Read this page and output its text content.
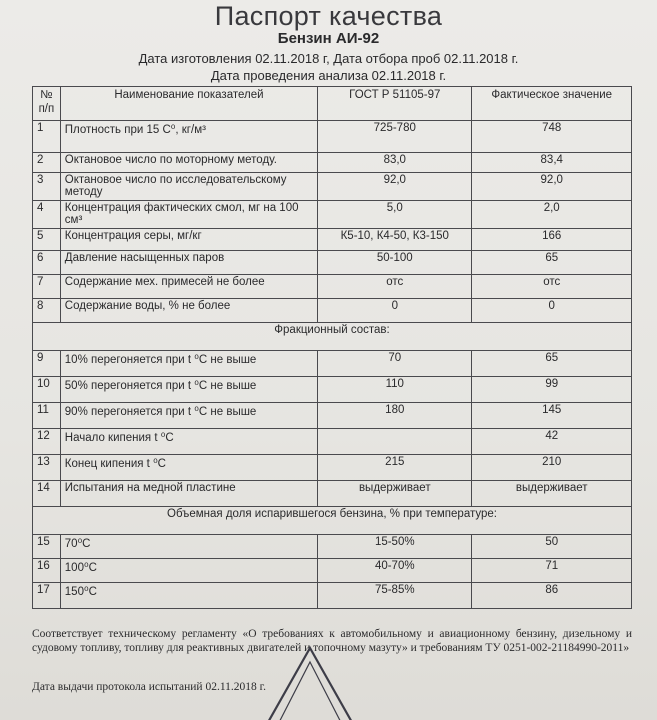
Паспорт качества
Бензин АИ-92
Дата изготовления 02.11.2018 г, Дата отбора проб 02.11.2018 г.
Дата проведения анализа 02.11.2018 г.
№ п/п	Наименование показателей	ГОСТ Р 51105-97	Фактическое значение
1	Плотность при 15 С⁰, кг/м³	725-780	748
2	Октановое число по моторному методу.	83,0	83,4
3	Октановое число по исследовательскому методу	92,0	92,0
4	Концентрация фактических смол, мг на 100 см³	5,0	2,0
5	Концентрация серы, мг/кг	К5-10, К4-50, К3-150	166
6	Давление насыщенных паров	50-100	65
7	Содержание мех. примесей не более	отс	отс
8	Содержание воды, % не более	0	0
Фракционный состав:			
9	10% перегоняется при t ⁰С не выше	70	65
10	50% перегоняется при t ⁰С не выше	110	99
11	90% перегоняется при t ⁰С не выше	180	145
12	Начало кипения t ⁰С		42
13	Конец кипения t ⁰С	215	210
14	Испытания на медной пластине	выдерживает	выдерживает
Объемная доля испарившегося бензина, % при температуре:			
15	70⁰С	15-50%	50
16	100⁰С	40-70%	71
17	150⁰С	75-85%	86
Соответствует техническому регламенту «О требованиях к автомобильному и авиационному бензину, дизельному и судовому топливу, топливу для реактивных двигателей и топочному мазуту» и требованиям ТУ 0251-002-21184990-2011»
Дата выдачи протокола испытаний 02.11.2018 г.
